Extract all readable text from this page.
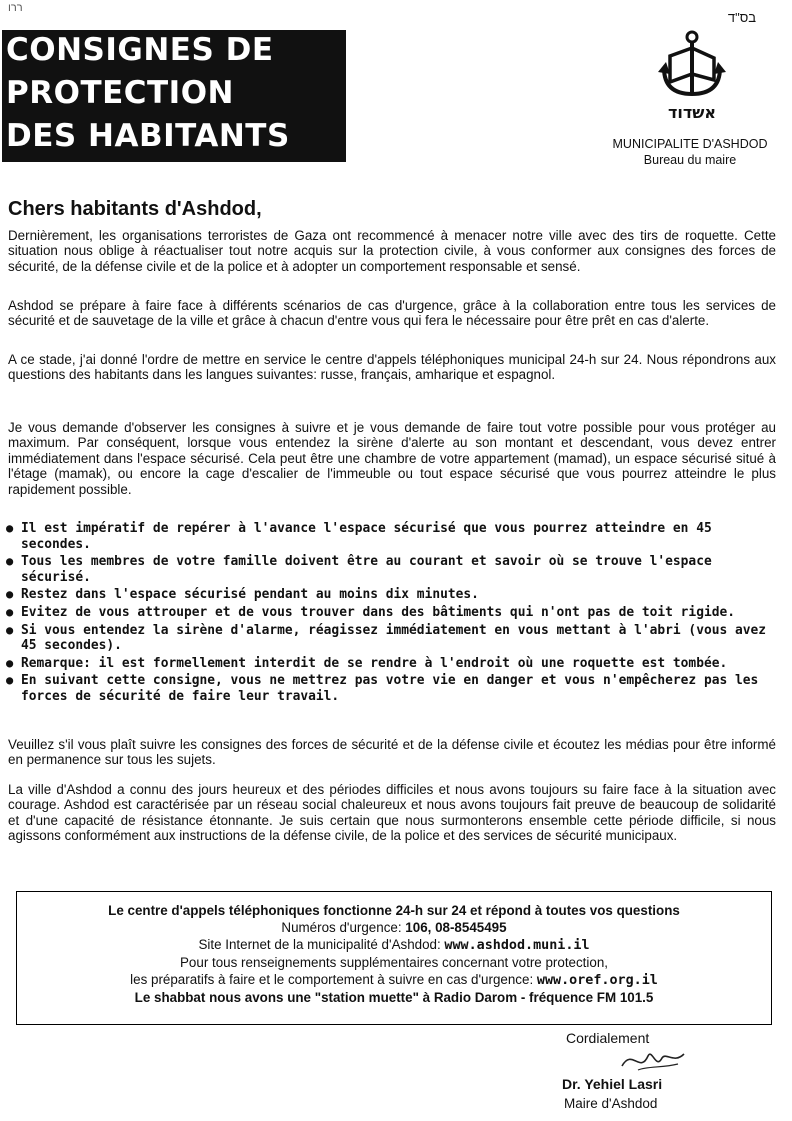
ררו
בס"ד
CONSIGNES DE
PROTECTION
DES HABITANTS
אשדוד
MUNICIPALITE D'ASHDOD
Bureau du maire
Chers habitants d'Ashdod,
Dernièrement, les organisations terroristes de Gaza ont recommencé à menacer notre ville avec des tirs de roquette. Cette situation nous oblige à réactualiser tout notre acquis sur la protection civile, à vous conformer aux consignes des forces de sécurité, de la défense civile et de la police et à adopter un comportement responsable et sensé.
Ashdod se prépare à faire face à différents scénarios de cas d'urgence, grâce à la collaboration entre tous les services de sécurité et de sauvetage de la ville et grâce à chacun d'entre vous qui fera le nécessaire pour être prêt en cas d'alerte.
A ce stade, j'ai donné l'ordre de mettre en service le centre d'appels téléphoniques municipal 24-h sur 24. Nous répondrons aux questions des habitants dans les langues suivantes: russe, français, amharique et espagnol.
Je vous demande d'observer les consignes à suivre et je vous demande de faire tout votre possible pour vous protéger au maximum. Par conséquent, lorsque vous entendez la sirène d'alerte au son montant et descendant, vous devez entrer immédiatement dans l'espace sécurisé. Cela peut être une chambre de votre appartement (mamad), un espace sécurisé situé à l'étage (mamak), ou encore la cage d'escalier de l'immeuble ou tout espace sécurisé que vous pourrez atteindre le plus rapidement possible.
● Il est impératif de repérer à l'avance l'espace sécurisé que vous pourrez atteindre en 45 secondes.
● Tous les membres de votre famille doivent être au courant et savoir où se trouve l'espace sécurisé.
● Restez dans l'espace sécurisé pendant au moins dix minutes.
● Evitez de vous attrouper et de vous trouver dans des bâtiments qui n'ont pas de toit rigide.
● Si vous entendez la sirène d'alarme, réagissez immédiatement en vous mettant à l'abri (vous avez 45 secondes).
● Remarque: il est formellement interdit de se rendre à l'endroit où une roquette est tombée.
● En suivant cette consigne, vous ne mettrez pas votre vie en danger et vous n'empêcherez pas les forces de sécurité de faire leur travail.
Veuillez s'il vous plaît suivre les consignes des forces de sécurité et de la défense civile et écoutez les médias pour être informé en permanence sur tous les sujets.
La ville d'Ashdod a connu des jours heureux et des périodes difficiles et nous avons toujours su faire face à la situation avec courage. Ashdod est caractérisée par un réseau social chaleureux et nous avons toujours fait preuve de beaucoup de solidarité et d'une capacité de résistance étonnante. Je suis certain que nous surmonterons ensemble cette période difficile, si nous agissons conformément aux instructions de la défense civile, de la police et des services de sécurité municipaux.
Le centre d'appels téléphoniques fonctionne 24-h sur 24 et répond à toutes vos questions
Numéros d'urgence: 106, 08-8545495
Site Internet de la municipalité d'Ashdod: www.ashdod.muni.il
Pour tous renseignements supplémentaires concernant votre protection,
les préparatifs à faire et le comportement à suivre en cas d'urgence: www.oref.org.il
Le shabbat nous avons une "station muette" à Radio Darom - fréquence FM 101.5
Cordialement
Dr. Yehiel Lasri
Maire d'Ashdod
